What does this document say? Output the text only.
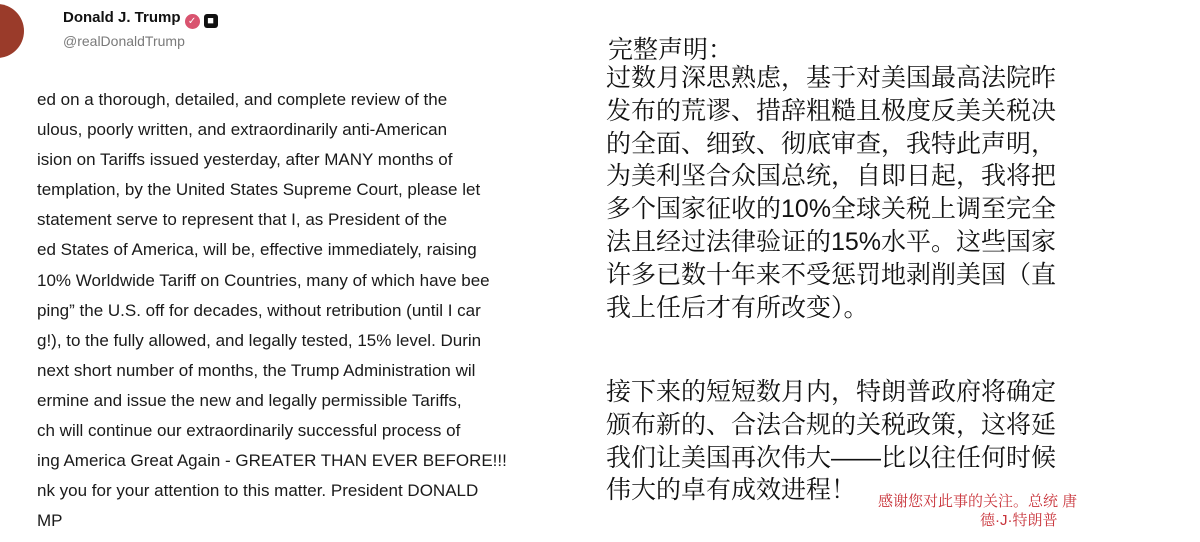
Donald J. Trump ✓ ■
@realDonaldTrump
ed on a thorough, detailed, and complete review of the
ulous, poorly written, and extraordinarily anti-American
ision on Tariffs issued yesterday, after MANY months of
templation, by the United States Supreme Court, please let
statement serve to represent that I, as President of the
ed States of America, will be, effective immediately, raising
10% Worldwide Tariff on Countries, many of which have bee
ping” the U.S. off for decades, without retribution (until I car
g!), to the fully allowed, and legally tested, 15% level. Durin
next short number of months, the Trump Administration wil
ermine and issue the new and legally permissible Tariffs,
ch will continue our extraordinarily successful process of
ing America Great Again - GREATER THAN EVER BEFORE!!!
nk you for your attention to this matter. President DONALD
MP
完整声明：
过数月深思熟虑，基于对美国最高法院昨
发布的荒谬、措辞粗糙且极度反美关税决
的全面、细致、彻底审查，我特此声明，
为美利坚合众国总统，自即日起，我将把
多个国家征收的10%全球关税上调至完全
法且经过法律验证的15%水平。这些国家
许多已数十年来不受惩罚地剥削美国（直
我上任后才有所改变）。
接下来的短短数月内，特朗普政府将确定
颁布新的、合法合规的关税政策，这将延
我们让美国再次伟大——比以往任何时候
伟大的卓有成效进程！	感谢您对此事的关注。总统 唐
德·J·特朗普
